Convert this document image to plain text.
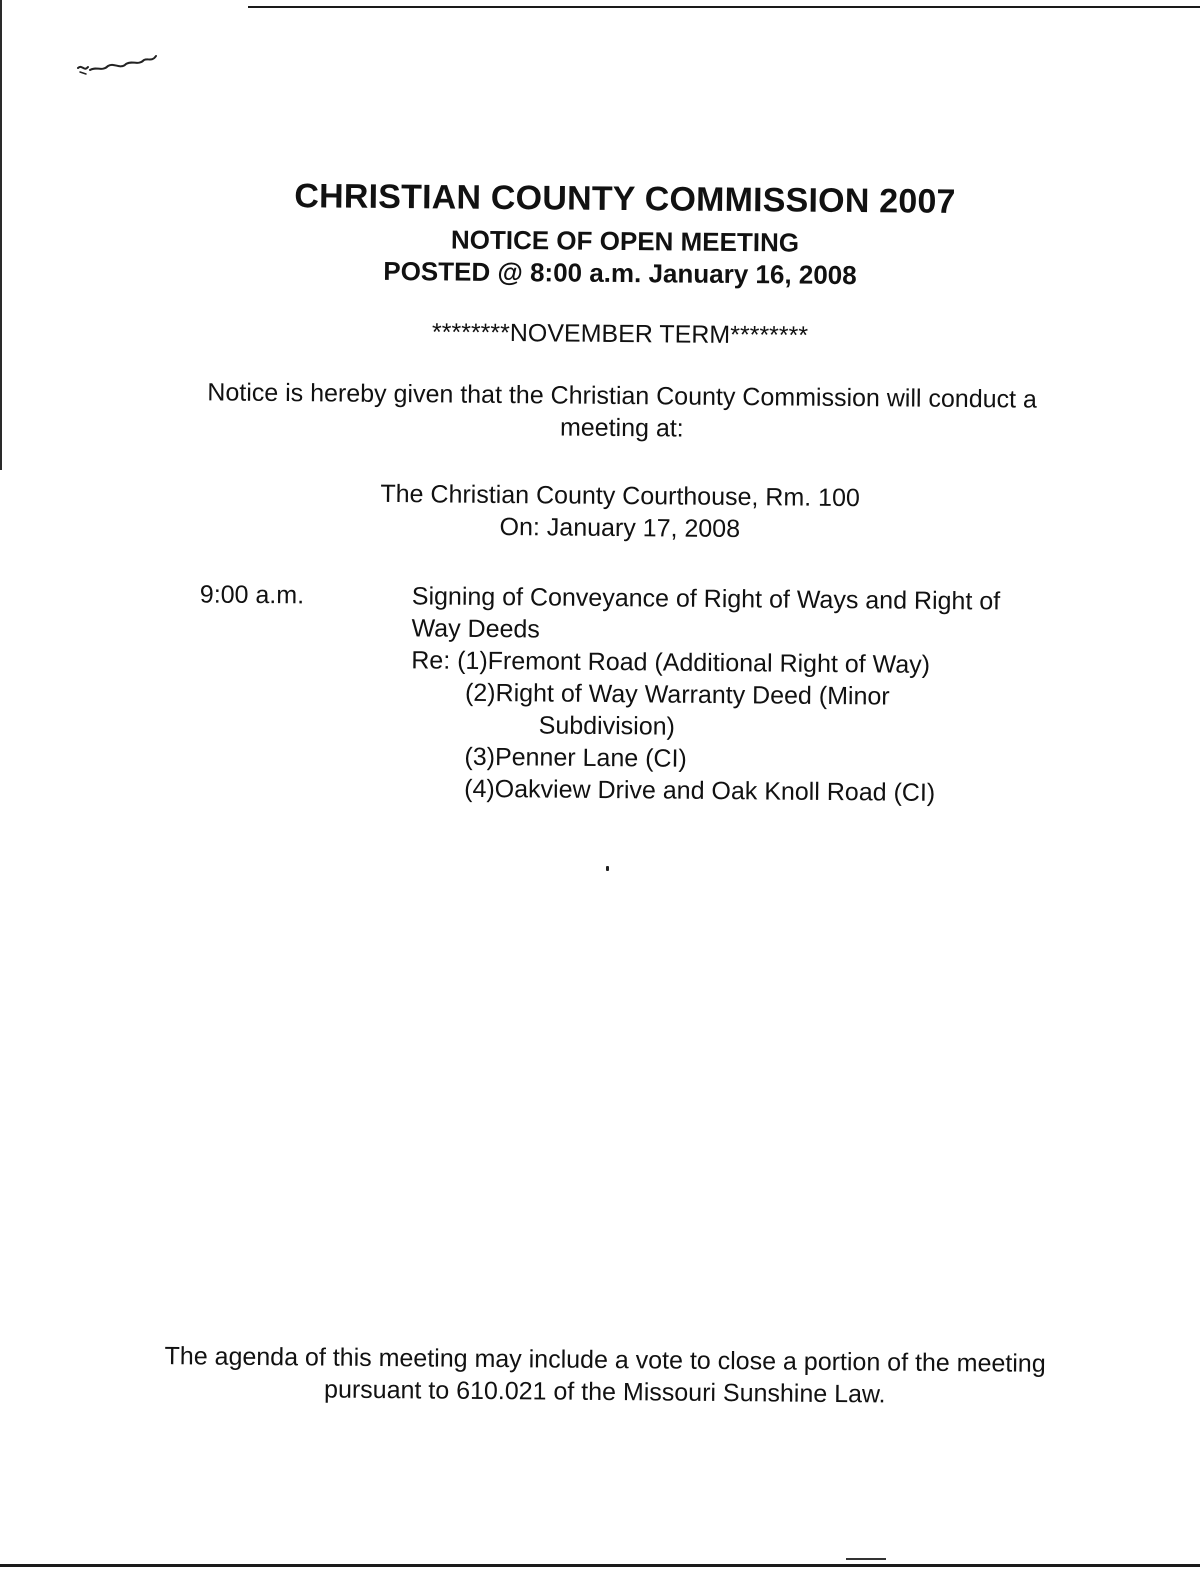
CHRISTIAN COUNTY COMMISSION 2007
NOTICE OF OPEN MEETING
POSTED @ 8:00 a.m. January 16, 2008
********NOVEMBER TERM********
Notice is hereby given that the Christian County Commission will conduct a
meeting at:
The Christian County Courthouse, Rm. 100
On: January 17, 2008
9:00 a.m.	Signing of Conveyance of Right of Ways and Right of
Way Deeds
Re: (1)Fremont Road (Additional Right of Way)
(2)Right of Way Warranty Deed (Minor
Subdivision)
(3)Penner Lane (CI)
(4)Oakview Drive and Oak Knoll Road (CI)
The agenda of this meeting may include a vote to close a portion of the meeting
pursuant to 610.021 of the Missouri Sunshine Law.
